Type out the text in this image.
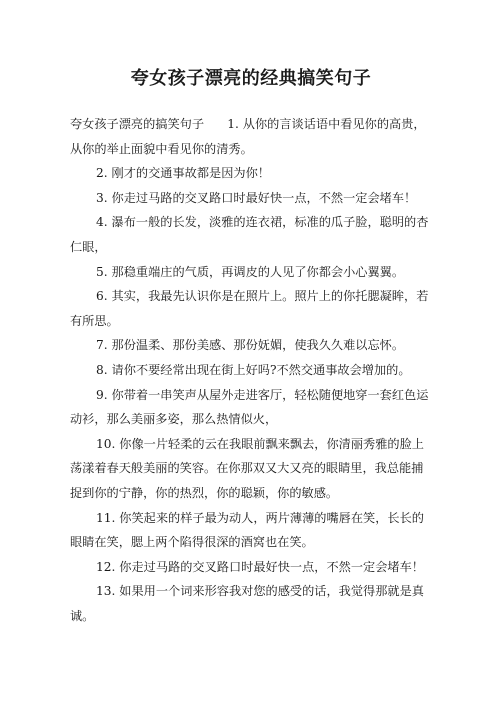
夸女孩子漂亮的经典搞笑句子

夸女孩子漂亮的搞笑句子      1. 从你的言谈话语中看见你的高贵，从你的举止面貌中看见你的清秀。

2. 刚才的交通事故都是因为你！

3. 你走过马路的交叉路口时最好快一点，不然一定会堵车！

4. 瀑布一般的长发，淡雅的连衣裙，标准的瓜子脸，聪明的杏仁眼，

5. 那稳重端庄的气质，再调皮的人见了你都会小心翼翼。

6. 其实，我最先认识你是在照片上。照片上的你托腮凝眸，若有所思。

7. 那份温柔、那份美感、那份妩媚，使我久久难以忘怀。

8. 请你不要经常出现在街上好吗?不然交通事故会增加的。

9. 你带着一串笑声从屋外走进客厅，轻松随便地穿一套红色运动衫，那么美丽多姿，那么热情似火，

10. 你像一片轻柔的云在我眼前飘来飘去，你清丽秀雅的脸上荡漾着春天般美丽的笑容。在你那双又大又亮的眼睛里，我总能捕捉到你的宁静，你的热烈，你的聪颖，你的敏感。

11. 你笑起来的样子最为动人，两片薄薄的嘴唇在笑，长长的眼睛在笑，腮上两个陷得很深的酒窝也在笑。

12. 你走过马路的交叉路口时最好快一点，不然一定会堵车！

13. 如果用一个词来形容我对您的感受的话，我觉得那就是真诚。
